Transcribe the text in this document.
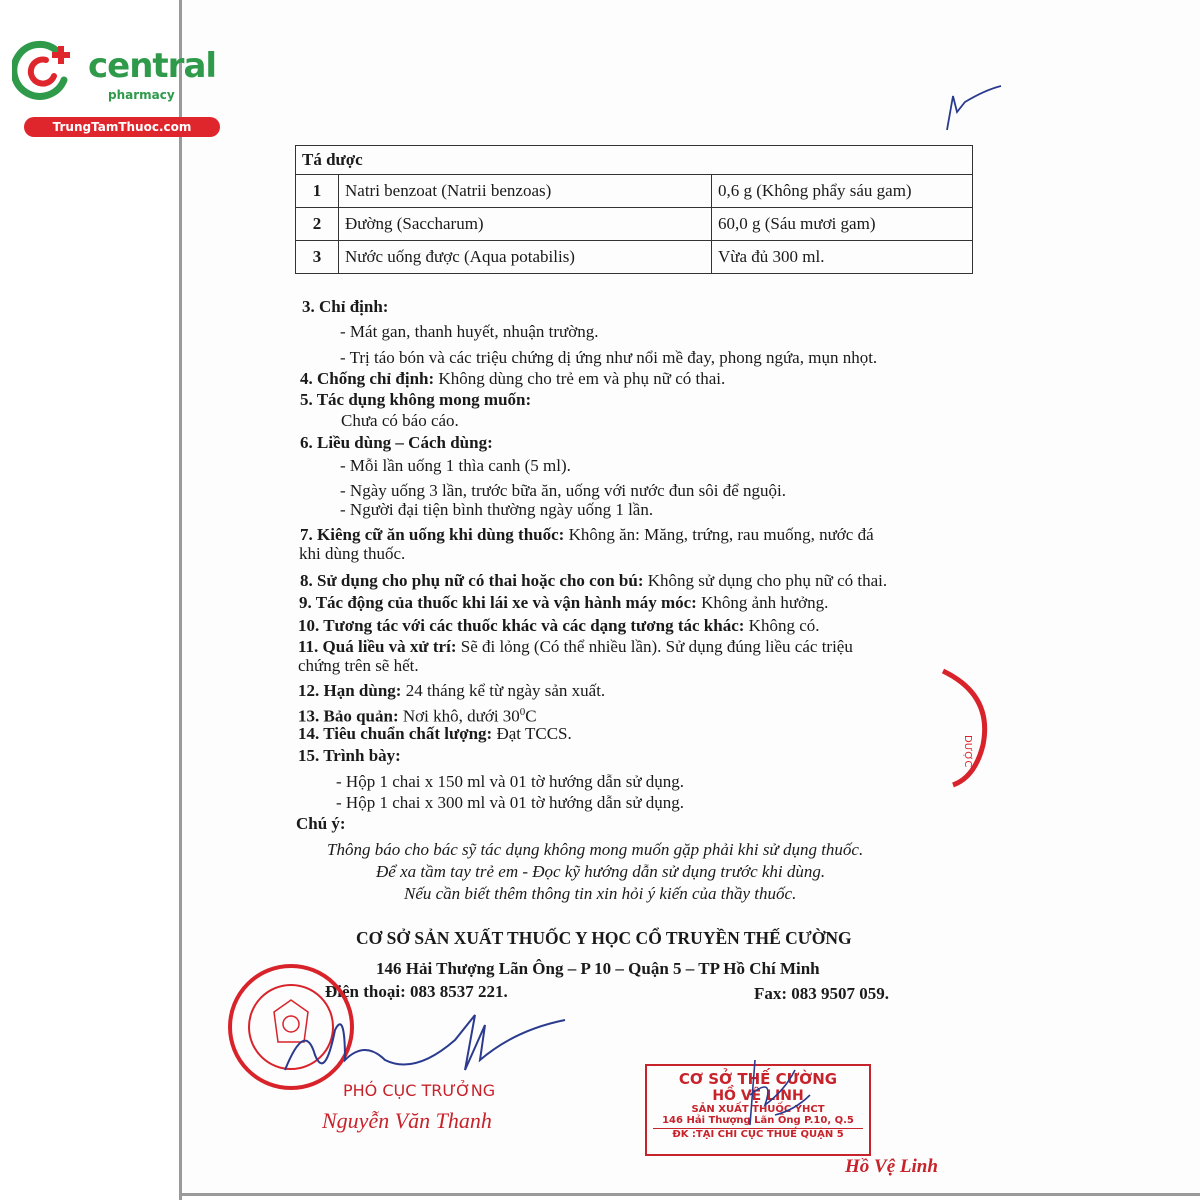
central
pharmacy
TrungTamThuoc.com
Tá dược		
1	Natri benzoat (Natrii benzoas)	0,6 g (Không phẩy sáu gam)
2	Đường (Saccharum)	60,0 g (Sáu mươi gam)
3	Nước uống được (Aqua potabilis)	Vừa đủ 300 ml.
3. Chỉ định:
- Mát gan, thanh huyết, nhuận trường.
- Trị táo bón và các triệu chứng dị ứng như nổi mề đay, phong ngứa, mụn nhọt.
4. Chống chỉ định: Không dùng cho trẻ em và phụ nữ có thai.
5. Tác dụng không mong muốn:
Chưa có báo cáo.
6. Liều dùng – Cách dùng:
- Mỗi lần uống 1 thìa canh (5 ml).
- Ngày uống 3 lần, trước bữa ăn, uống với nước đun sôi để nguội.
- Người đại tiện bình thường ngày uống 1 lần.
7. Kiêng cữ ăn uống khi dùng thuốc: Không ăn: Măng, trứng, rau muống, nước đá
khi dùng thuốc.
8. Sử dụng cho phụ nữ có thai hoặc cho con bú: Không sử dụng cho phụ nữ có thai.
9. Tác động của thuốc khi lái xe và vận hành máy móc: Không ảnh hưởng.
10. Tương tác với các thuốc khác và các dạng tương tác khác: Không có.
11. Quá liều và xử trí: Sẽ đi lỏng (Có thể nhiều lần). Sử dụng đúng liều các triệu
chứng trên sẽ hết.
12. Hạn dùng: 24 tháng kể từ ngày sản xuất.
13. Bảo quản: Nơi khô, dưới $30^0C$
14. Tiêu chuẩn chất lượng: Đạt TCCS.
15. Trình bày:
- Hộp 1 chai x 150 ml và 01 tờ hướng dẫn sử dụng.
- Hộp 1 chai x 300 ml và 01 tờ hướng dẫn sử dụng.
Chú ý:
Thông báo cho bác sỹ tác dụng không mong muốn gặp phải khi sử dụng thuốc.
Để xa tầm tay trẻ em - Đọc kỹ hướng dẫn sử dụng trước khi dùng.
Nếu cần biết thêm thông tin xin hỏi ý kiến của thầy thuốc.
CƠ SỞ SẢN XUẤT THUỐC Y HỌC CỔ TRUYỀN THẾ CƯỜNG
146 Hải Thượng Lãn Ông – P 10 – Quận 5 – TP Hồ Chí Minh
Điện thoại: 083 8537 221.	Fax: 083 9507 059.
DƯỢC
CƠ SỞ THẾ CƯỜNG
HỒ VỆ LINH
SẢN XUẤT THUỐC YHCT
146 Hải Thượng Lãn Ông P.10, Q.5
ĐK :TẠI CHI CỤC THUẾ QUẬN 5
PHÓ CỤC TRƯỞNG
Nguyễn Văn Thanh
Hồ Vệ Linh
